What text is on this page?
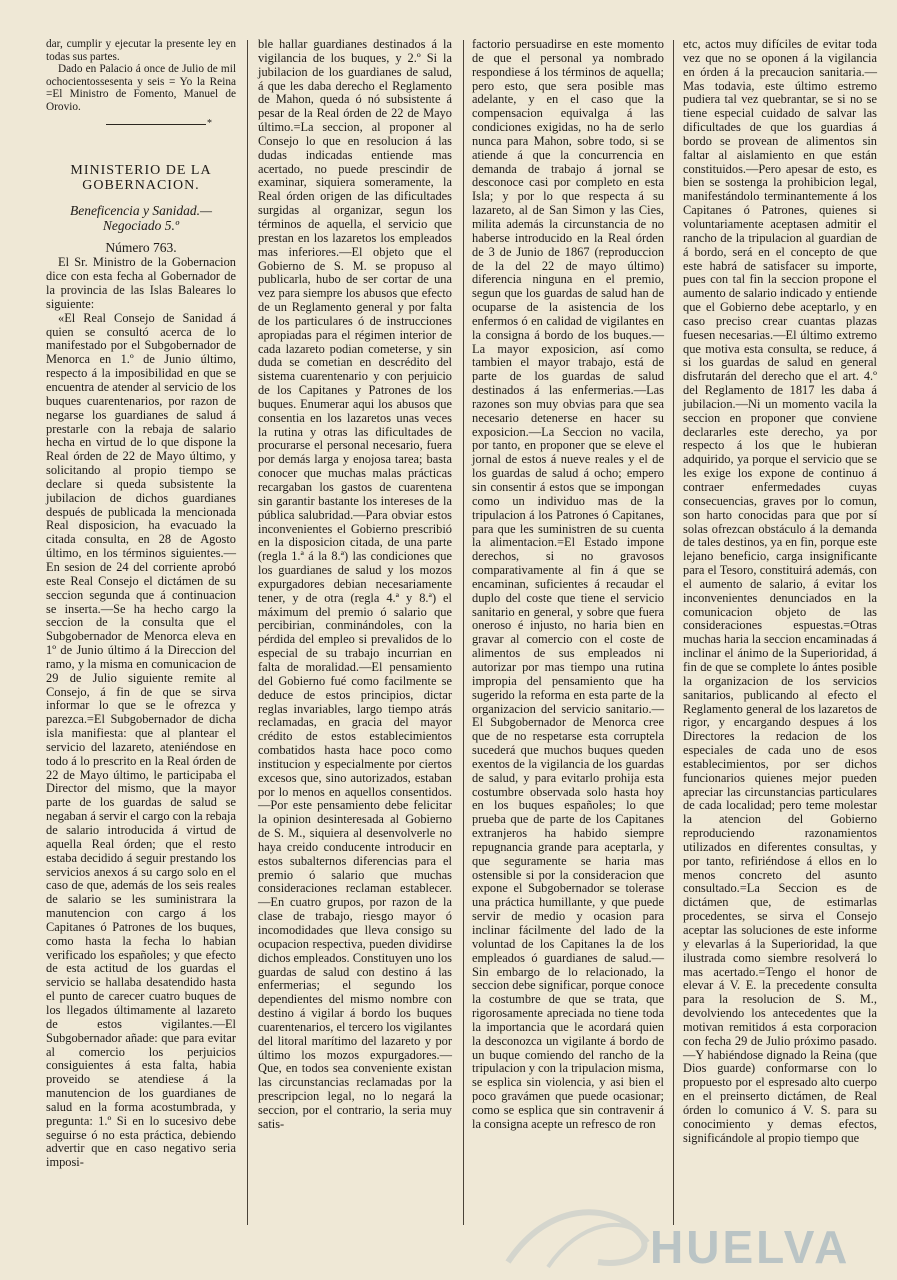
dar, cumplir y ejecutar la presente ley en todas sus partes.

Dado en Palacio á once de Julio de mil ochocientossesenta y seis = Yo la Reina =El Ministro de Fomento, Manuel de Orovio.

*

MINISTERIO DE LA GOBERNACION.

Beneficencia y Sanidad.—Negociado 5.º

Número 763.

El Sr. Ministro de la Gobernacion dice con esta fecha al Gobernador de la provincia de las Islas Baleares lo siguiente:

«El Real Consejo de Sanidad á quien se consultó acerca de lo manifestado por el Subgobernador de Menorca en 1.º de Junio último, respecto á la imposibilidad en que se encuentra de atender al servicio de los buques cuarentenarios, por razon de negarse los guardianes de salud á prestarle con la rebaja de salario hecha en virtud de lo que dispone la Real órden de 22 de Mayo último, y solicitando al propio tiempo se declare si queda subsistente la jubilacion de dichos guardianes después de publicada la mencionada Real disposicion, ha evacuado la citada consulta, en 28 de Agosto último, en los términos siguientes.—En sesion de 24 del corriente aprobó este Real Consejo el dictámen de su seccion segunda que á continuacion se inserta.—Se ha hecho cargo la seccion de la consulta que el Subgobernador de Menorca eleva en 1º de Junio último á la Direccion del ramo, y la misma en comunicacion de 29 de Julio siguiente remite al Consejo, á fin de que se sirva informar lo que se le ofrezca y parezca.=El Subgobernador de dicha isla manifiesta: que al plantear el servicio del lazareto, ateniéndose en todo á lo prescrito en la Real órden de 22 de Mayo último, le participaba el Director del mismo, que la mayor parte de los guardas de salud se negaban á servir el cargo con la rebaja de salario introducida á virtud de aquella Real órden; que el resto estaba decidido á seguir prestando los servicios anexos á su cargo solo en el caso de que, además de los seis reales de salario se les suministrara la manutencion con cargo á los Capitanes ó Patrones de los buques, como hasta la fecha lo habian verificado los españoles; y que efecto de esta actitud de los guardas el servicio se hallaba desatendido hasta el punto de carecer cuatro buques de los llegados últimamente al lazareto de estos vigilantes.—El Subgobernador añade: que para evitar al comercio los perjuicios consiguientes á esta falta, habia proveido se atendiese á la manutencion de los guardianes de salud en la forma acostumbrada, y pregunta: 1.º Si en lo sucesivo debe seguirse ó no esta práctica, debiendo advertir que en caso negativo seria imposi-

ble hallar guardianes destinados á la vigilancia de los buques, y 2.º Si la jubilacion de los guardianes de salud, á que les daba derecho el Reglamento de Mahon, queda ó nó subsistente á pesar de la Real órden de 22 de Mayo último.=La seccion, al proponer al Consejo lo que en resolucion á las dudas indicadas entiende mas acertado, no puede prescindir de examinar, siquiera someramente, la Real órden origen de las dificultades surgidas al organizar, segun los términos de aquella, el servicio que prestan en los lazaretos los empleados mas inferiores.—El objeto que el Gobierno de S. M. se propuso al publicarla, hubo de ser cortar de una vez para siempre los abusos que efecto de un Reglamento general y por falta de los particulares ó de instrucciones apropiadas para el régimen interior de cada lazareto podian cometerse, y sin duda se cometian en descrédito del sistema cuarentenario y con perjuicio de los Capitanes y Patrones de los buques. Enumerar aqui los abusos que consentia en los lazaretos unas veces la rutina y otras las dificultades de procurarse el personal necesario, fuera por demás larga y enojosa tarea; basta conocer que muchas malas prácticas recargaban los gastos de cuarentena sin garantir bastante los intereses de la pública salubridad.—Para obviar estos inconvenientes el Gobierno prescribió en la disposicion citada, de una parte (regla 1.ª á la 8.ª) las condiciones que los guardianes de salud y los mozos expurgadores debian necesariamente tener, y de otra (regla 4.ª y 8.ª) el máximum del premio ó salario que percibirian, conminándoles, con la pérdida del empleo si prevalidos de lo especial de su trabajo incurrian en falta de moralidad.—El pensamiento del Gobierno fué como facilmente se deduce de estos principios, dictar reglas invariables, largo tiempo atrás reclamadas, en gracia del mayor crédito de estos establecimientos combatidos hasta hace poco como institucion y especialmente por ciertos excesos que, sino autorizados, estaban por lo menos en aquellos consentidos.—Por este pensamiento debe felicitar la opinion desinteresada al Gobierno de S. M., siquiera al desenvolverle no haya creido conducente introducir en estos subalternos diferencias para el premio ó salario que muchas consideraciones reclaman establecer.—En cuatro grupos, por razon de la clase de trabajo, riesgo mayor ó incomodidades que lleva consigo su ocupacion respectiva, pueden dividirse dichos empleados. Constituyen uno los guardas de salud con destino á las enfermerias; el segundo los dependientes del mismo nombre con destino á vigilar á bordo los buques cuarentenarios, el tercero los vigilantes del litoral marítimo del lazareto y por último los mozos expurgadores.—Que, en todos sea conveniente existan las circunstancias reclamadas por la prescripcion legal, no lo negará la seccion, por el contrario, la seria muy satis-

factorio persuadirse en este momento de que el personal ya nombrado respondiese á los términos de aquella; pero esto, que sera posible mas adelante, y en el caso que la compensacion equivalga á las condiciones exigidas, no ha de serlo nunca para Mahon, sobre todo, si se atiende á que la concurrencia en demanda de trabajo á jornal se desconoce casi por completo en esta Isla; y por lo que respecta á su lazareto, al de San Simon y las Cies, milita además la circunstancia de no haberse introducido en la Real órden de 3 de Junio de 1867 (reproduccion de la del 22 de mayo último) diferencia ninguna en el premio, segun que los guardas de salud han de ocuparse de la asistencia de los enfermos ó en calidad de vigilantes en la consigna á bordo de los buques.—La mayor exposicion, así como tambien el mayor trabajo, está de parte de los guardas de salud destinados á las enfermerias.—Las razones son muy obvias para que sea necesario detenerse en hacer su exposicion.—La Seccion no vacila, por tanto, en proponer que se eleve el jornal de estos á nueve reales y el de los guardas de salud á ocho; empero sin consentir á estos que se impongan como un individuo mas de la tripulacion á los Patrones ó Capitanes, para que les suministren de su cuenta la alimentacion.=El Estado impone derechos, si no gravosos comparativamente al fin á que se encaminan, suficientes á recaudar el duplo del coste que tiene el servicio sanitario en general, y sobre que fuera oneroso é injusto, no haria bien en gravar al comercio con el coste de alimentos de sus empleados ni autorizar por mas tiempo una rutina impropia del pensamiento que ha sugerido la reforma en esta parte de la organizacion del servicio sanitario.—El Subgobernador de Menorca cree que de no respetarse esta corruptela sucederá que muchos buques queden exentos de la vigilancia de los guardas de salud, y para evitarlo prohija esta costumbre observada solo hasta hoy en los buques españoles; lo que prueba que de parte de los Capitanes extranjeros ha habido siempre repugnancia grande para aceptarla, y que seguramente se haria mas ostensible si por la consideracion que expone el Subgobernador se tolerase una práctica humillante, y que puede servir de medio y ocasion para inclinar fácilmente del lado de la voluntad de los Capitanes la de los empleados ó guardianes de salud.—Sin embargo de lo relacionado, la seccion debe significar, porque conoce la costumbre de que se trata, que rigorosamente apreciada no tiene toda la importancia que le acordará quien la desconozca un vigilante á bordo de un buque comiendo del rancho de la tripulacion y con la tripulacion misma, se esplica sin violencia, y asi bien el poco gravámen que puede ocasionar; como se esplica que sin contravenir á la consigna acepte un refresco de ron

etc, actos muy difíciles de evitar toda vez que no se oponen á la vigilancia en órden á la precaucion sanitaria.—Mas todavia, este último estremo pudiera tal vez quebrantar, se si no se tiene especial cuidado de salvar las dificultades de que los guardias á bordo se provean de alimentos sin faltar al aislamiento en que están constituidos.—Pero apesar de esto, es bien se sostenga la prohibicion legal, manifestándolo terminantemente á los Capitanes ó Patrones, quienes si voluntariamente aceptasen admitir el rancho de la tripulacion al guardian de á bordo, será en el concepto de que este habrá de satisfacer su importe, pues con tal fin la seccion propone el aumento de salario indicado y entiende que el Gobierno debe aceptarlo, y en caso preciso crear cuantas plazas fuesen necesarias.—El último extremo que motiva esta consulta, se reduce, á si los guardas de salud en general disfrutarán del derecho que el art. 4.º del Reglamento de 1817 les daba á jubilacion.—Ni un momento vacila la seccion en proponer que conviene declararles este derecho, ya por respecto á los que le hubieran adquirido, ya porque el servicio que se les exige los expone de continuo á contraer enfermedades cuyas consecuencias, graves por lo comun, son harto conocidas para que por sí solas ofrezcan obstáculo á la demanda de tales destinos, ya en fin, porque este lejano beneficio, carga insignificante para el Tesoro, constituirá además, con el aumento de salario, á evitar los inconvenientes denunciados en la comunicacion objeto de las consideraciones espuestas.=Otras muchas haria la seccion encaminadas á inclinar el ánimo de la Superioridad, á fin de que se complete lo ántes posible la organizacion de los servicios sanitarios, publicando al efecto el Reglamento general de los lazaretos de rigor, y encargando despues á los Directores la redacion de los especiales de cada uno de esos establecimientos, por ser dichos funcionarios quienes mejor pueden apreciar las circunstancias particulares de cada localidad; pero teme molestar la atencion del Gobierno reproduciendo razonamientos utilizados en diferentes consultas, y por tanto, refiriéndose á ellos en lo menos concreto del asunto consultado.=La Seccion es de dictámen que, de estimarlas procedentes, se sirva el Consejo aceptar las soluciones de este informe y elevarlas á la Superioridad, la que ilustrada como siembre resolverá lo mas acertado.=Tengo el honor de elevar á V. E. la precedente consulta para la resolucion de S. M., devolviendo los antecedentes que la motivan remitidos á esta corporacion con fecha 29 de Julio próximo pasado.—Y habiéndose dignado la Reina (que Dios guarde) conformarse con lo propuesto por el espresado alto cuerpo en el preinserto dictámen, de Real órden lo comunico á V. S. para su conocimiento y demas efectos, significándole al propio tiempo que

HUELVA
